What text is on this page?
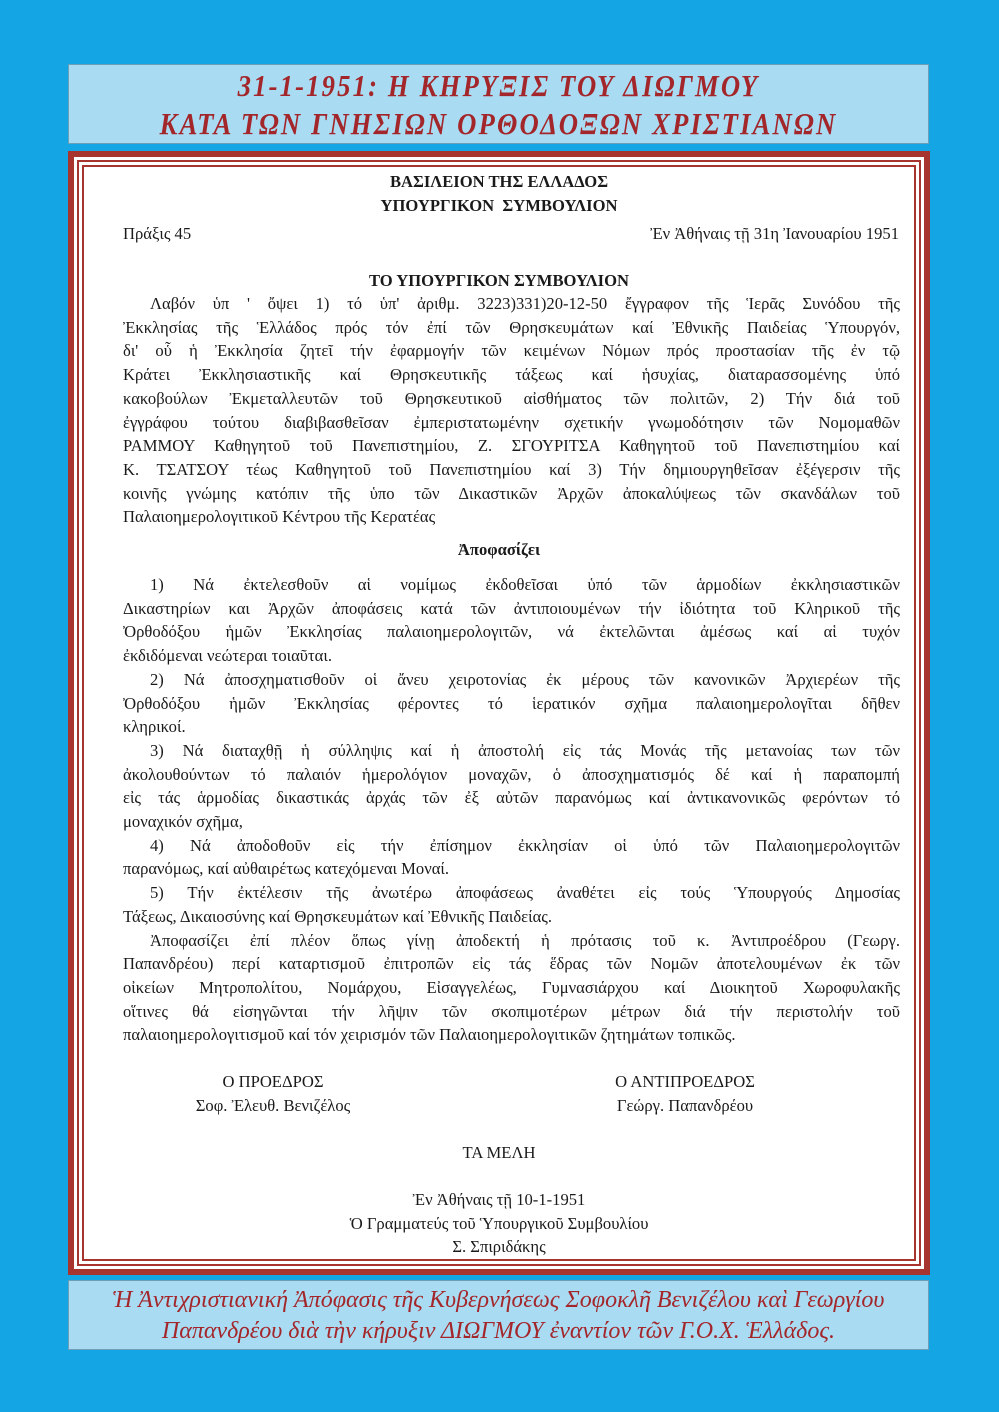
31-1-1951: Η ΚΗΡΥΞΙΣ ΤΟΥ ΔΙΩΓΜΟΥ
ΚΑΤΑ ΤΩΝ ΓΝΗΣΙΩΝ ΟΡΘΟΔΟΞΩΝ ΧΡΙΣΤΙΑΝΩΝ
ΒΑΣΙΛΕΙΟΝ ΤΗΣ ΕΛΛΑΔΟΣ
ΥΠΟΥΡΓΙΚΟΝ  ΣΥΜΒΟΥΛΙΟΝ
Πράξις 45	Ἐν Ἀθήναις τῇ 31η Ἰανουαρίου 1951
ΤΟ ΥΠΟΥΡΓΙΚΟΝ ΣΥΜΒΟΥΛΙΟΝ
Λαβόν ὑπ ' ὄψει 1) τό ὑπ' ἀριθμ. 3223)331)20-12-50 ἔγγραφον τῆς Ἱερᾶς Συνόδου τῆς
Ἐκκλησίας τῆς Ἑλλάδος πρός τόν ἐπί τῶν Θρησκευμάτων καί Ἐθνικῆς Παιδείας Ὑπουργόν,
δι' οὗ ἡ Ἐκκλησία ζητεῖ τήν ἐφαρμογήν τῶν κειμένων Νόμων πρός προστασίαν τῆς ἐν τῷ
Κράτει Ἐκκλησιαστικῆς καί Θρησκευτικῆς τάξεως καί ἡσυχίας, διαταρασσομένης ὑπό
κακοβούλων Ἐκμεταλλευτῶν τοῦ Θρησκευτικοῦ αἰσθήματος τῶν πολιτῶν, 2) Τήν διά τοῦ
ἐγγράφου τούτου διαβιβασθεῖσαν ἐμπεριστατωμένην σχετικήν γνωμοδότησιν τῶν Νομομαθῶν
ΡΑΜΜΟΥ Καθηγητοῦ τοῦ Πανεπιστημίου, Ζ. ΣΓΟΥΡΙΤΣΑ Καθηγητοῦ τοῦ Πανεπιστημίου καί
Κ. ΤΣΑΤΣΟΥ τέως Καθηγητοῦ τοῦ Πανεπιστημίου καί 3) Τήν δημιουργηθεῖσαν ἐξέγερσιν τῆς
κοινῆς γνώμης κατόπιν τῆς ὑπο τῶν Δικαστικῶν Ἀρχῶν ἀποκαλύψεως τῶν σκανδάλων τοῦ
Παλαιοημερολογιτικοῦ Κέντρου τῆς Κερατέας
Ἀποφασίζει
1) Νά ἐκτελεσθοῦν αἱ νομίμως ἐκδοθεῖσαι ὑπό τῶν ἁρμοδίων ἐκκλησιαστικῶν
Δικαστηρίων και Ἀρχῶν ἀποφάσεις κατά τῶν ἀντιποιουμένων τήν ἰδιότητα τοῦ Κληρικοῦ τῆς
Ὀρθοδόξου ἡμῶν Ἐκκλησίας παλαιοημερολογιτῶν, νά ἐκτελῶνται ἀμέσως καί αἱ τυχόν
ἐκδιδόμεναι νεώτεραι τοιαῦται.
2) Νά ἀποσχηματισθοῦν οἱ ἄνευ χειροτονίας ἐκ μέρους τῶν κανονικῶν Ἀρχιερέων τῆς
Ὀρθοδόξου ἡμῶν Ἐκκλησίας φέροντες τό ἱερατικόν σχῆμα παλαιοημερολογῖται δῆθεν
κληρικοί.
3) Νά διαταχθῇ ἡ σύλληψις καί ἡ ἀποστολή εἰς τάς Μονάς τῆς μετανοίας των τῶν
ἀκολουθούντων τό παλαιόν ἡμερολόγιον μοναχῶν, ὁ ἀποσχηματισμός δέ καί ἡ παραπομπή
εἰς τάς ἁρμοδίας δικαστικάς ἀρχάς τῶν ἐξ αὐτῶν παρανόμως καί ἀντικανονικῶς φερόντων τό
μοναχικόν σχῆμα,
4) Νά ἀποδοθοῦν εἰς τήν ἐπίσημον ἐκκλησίαν οἱ ὑπό τῶν Παλαιοημερολογιτῶν
παρανόμως, καί αὐθαιρέτως κατεχόμεναι Μοναί.
5) Τήν ἐκτέλεσιν τῆς ἀνωτέρω ἀποφάσεως ἀναθέτει εἰς τούς Ὑπουργούς Δημοσίας
Τάξεως, Δικαιοσύνης καί Θρησκευμάτων καί Ἐθνικῆς Παιδείας.
Ἀποφασίζει ἐπί πλέον ὅπως γίνῃ ἀποδεκτή ἡ πρότασις τοῦ κ. Ἀντιπροέδρου (Γεωργ.
Παπανδρέου) περί καταρτισμοῦ ἐπιτροπῶν εἰς τάς ἕδρας τῶν Νομῶν ἀποτελουμένων ἐκ τῶν
οἰκείων Μητροπολίτου, Νομάρχου, Εἰσαγγελέως, Γυμνασιάρχου καί Διοικητοῦ Χωροφυλακῆς
οἵτινες θά εἰσηγῶνται τήν λῆψιν τῶν σκοπιμοτέρων μέτρων διά τήν περιστολήν τοῦ
παλαιοημερολογιτισμοῦ καί τόν χειρισμόν τῶν Παλαιοημερολογιτικῶν ζητημάτων τοπικῶς.
Ο ΠΡΟΕΔΡΟΣ
Σοφ. Ἐλευθ. Βενιζέλος
Ο ΑΝΤΙΠΡΟΕΔΡΟΣ
Γεώργ. Παπανδρέου
ΤΑ ΜΕΛΗ
Ἐν Ἀθήναις τῇ 10-1-1951
Ὁ Γραμματεύς τοῦ Ὑπουργικοῦ Συμβουλίου
Σ. Σπιριδάκης
Ἡ Ἀντιχριστιανική Ἀπόφασις τῆς Κυβερνήσεως Σοφοκλῆ Βενιζέλου καὶ Γεωργίου
Παπανδρέου διὰ τὴν κήρυξιν ΔΙΩΓΜΟΥ ἐναντίον τῶν Γ.Ο.Χ. Ἑλλάδος.
